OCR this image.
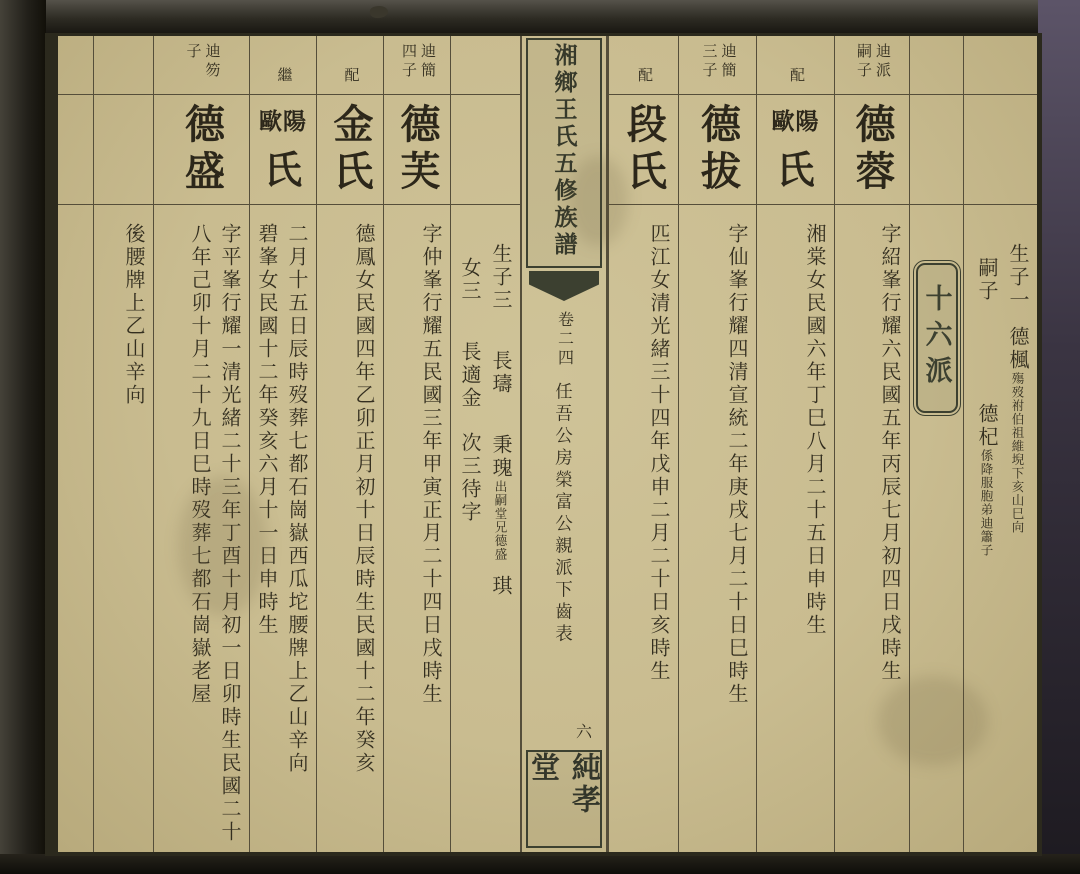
後腰牌上乙山辛向
迪笏子
德盛
字平峯行耀一清光緒二十三年丁酉十月初一日卯時生民國二十八年己卯十月二十九日巳時歿葬七都石崗嶽老屋
繼
歐陽
氏
二月十五日辰時歿葬七都石崗嶽西瓜坨腰牌上乙山辛向
碧峯女民國十二年癸亥六月十一日申時生
配
金氏
德鳳女民國四年乙卯正月初十日辰時生民國十二年癸亥
迪簡四子
德芙
字仲峯行耀五民國三年甲寅正月二十四日戌時生	生子三長璹秉瑰出嗣堂兄德盛琪
女三長適金次三待字
湘鄉王氏五修族譜
卷二四
任吾公房榮富公親派下齒表
六
純孝堂
配
段氏
匹江女清光緒三十四年戊申二月二十日亥時生
迪簡三子
德拔
字仙峯行耀四清宣統二年庚戌七月二十日巳時生
配
歐陽
氏
湘棠女民國六年丁巳八月二十五日申時生
迪派嗣子
德蓉
字紹峯行耀六民國五年丙辰七月初四日戌時生 十六派
生子一德楓殤歿祔伯祖維堄下亥山巳向
嗣子德杞係降服胞弟迪簫子
